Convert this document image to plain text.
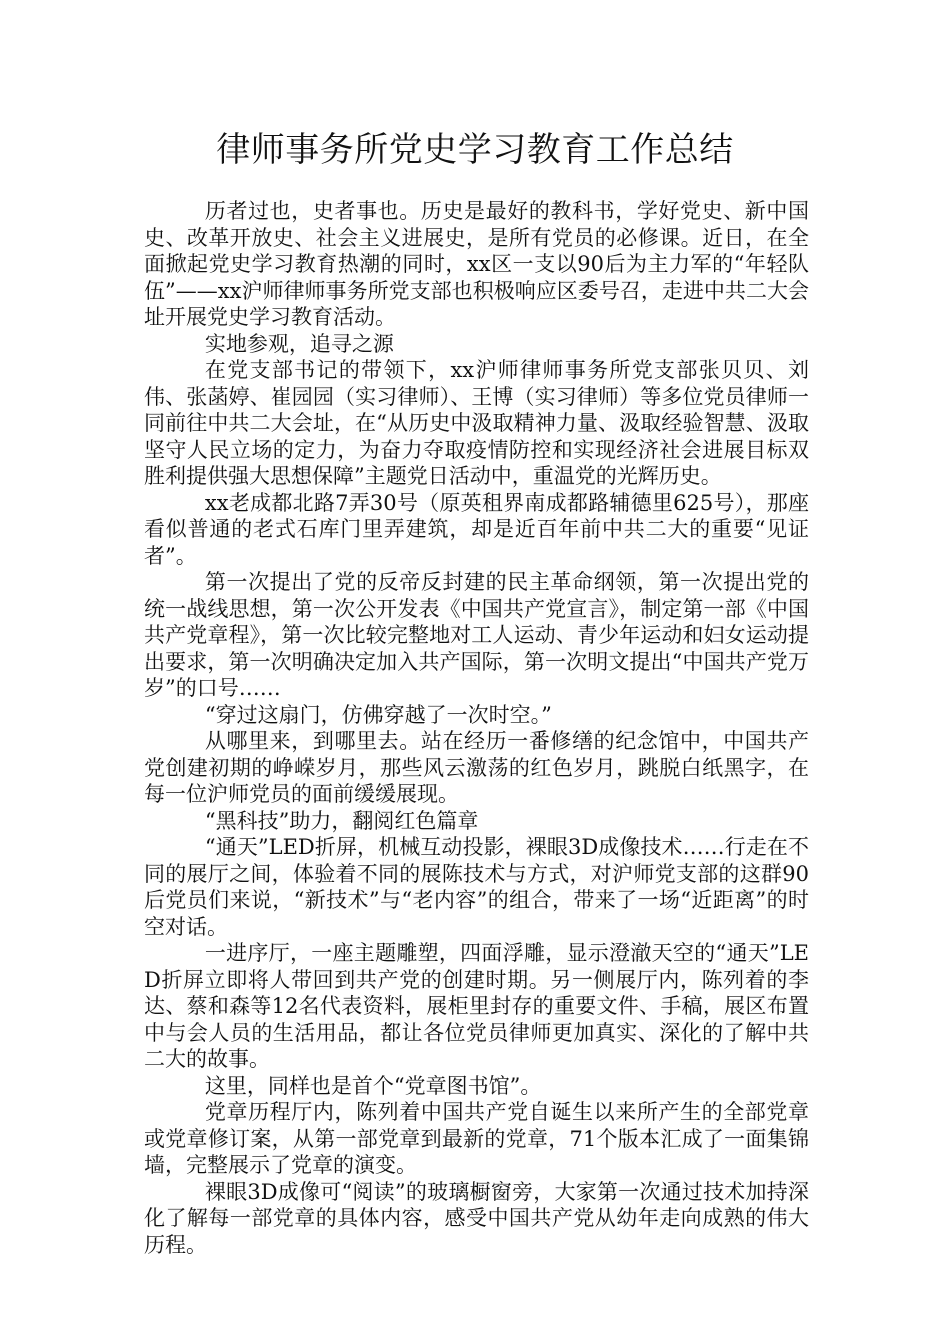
律师事务所党史学习教育工作总结

历者过也，史者事也。历史是最好的教科书，学好党史、新中国史、改革开放史、社会主义进展史，是所有党员的必修课。近日，在全面掀起党史学习教育热潮的同时，xx区一支以90后为主力军的“年轻队伍”——xx沪师律师事务所党支部也积极响应区委号召，走进中共二大会址开展党史学习教育活动。

实地参观，追寻之源

在党支部书记的带领下，xx沪师律师事务所党支部张贝贝、刘伟、张菡婷、崔园园（实习律师）、王博（实习律师）等多位党员律师一同前往中共二大会址，在“从历史中汲取精神力量、汲取经验智慧、汲取坚守人民立场的定力，为奋力夺取疫情防控和实现经济社会进展目标双胜利提供强大思想保障”主题党日活动中，重温党的光辉历史。

xx老成都北路7弄30号（原英租界南成都路辅德里625号），那座看似普通的老式石库门里弄建筑，却是近百年前中共二大的重要“见证者”。

第一次提出了党的反帝反封建的民主革命纲领，第一次提出党的统一战线思想，第一次公开发表《中国共产党宣言》，制定第一部《中国共产党章程》，第一次比较完整地对工人运动、青少年运动和妇女运动提出要求，第一次明确决定加入共产国际，第一次明文提出“中国共产党万岁”的口号……

“穿过这扇门，仿佛穿越了一次时空。”

从哪里来，到哪里去。站在经历一番修缮的纪念馆中，中国共产党创建初期的峥嵘岁月，那些风云激荡的红色岁月，跳脱白纸黑字，在每一位沪师党员的面前缓缓展现。

“黑科技”助力，翻阅红色篇章

“通天”LED折屏，机械互动投影，裸眼3D成像技术……行走在不同的展厅之间，体验着不同的展陈技术与方式，对沪师党支部的这群90后党员们来说，“新技术”与“老内容”的组合，带来了一场“近距离”的时空对话。

一进序厅，一座主题雕塑，四面浮雕，显示澄澈天空的“通天”LED折屏立即将人带回到共产党的创建时期。另一侧展厅内，陈列着的李达、蔡和森等12名代表资料，展柜里封存的重要文件、手稿，展区布置中与会人员的生活用品，都让各位党员律师更加真实、深化的了解中共二大的故事。

这里，同样也是首个“党章图书馆”。

党章历程厅内，陈列着中国共产党自诞生以来所产生的全部党章或党章修订案，从第一部党章到最新的党章，71个版本汇成了一面集锦墙，完整展示了党章的演变。

裸眼3D成像可“阅读”的玻璃橱窗旁，大家第一次通过技术加持深化了解每一部党章的具体内容，感受中国共产党从幼年走向成熟的伟大历程。
